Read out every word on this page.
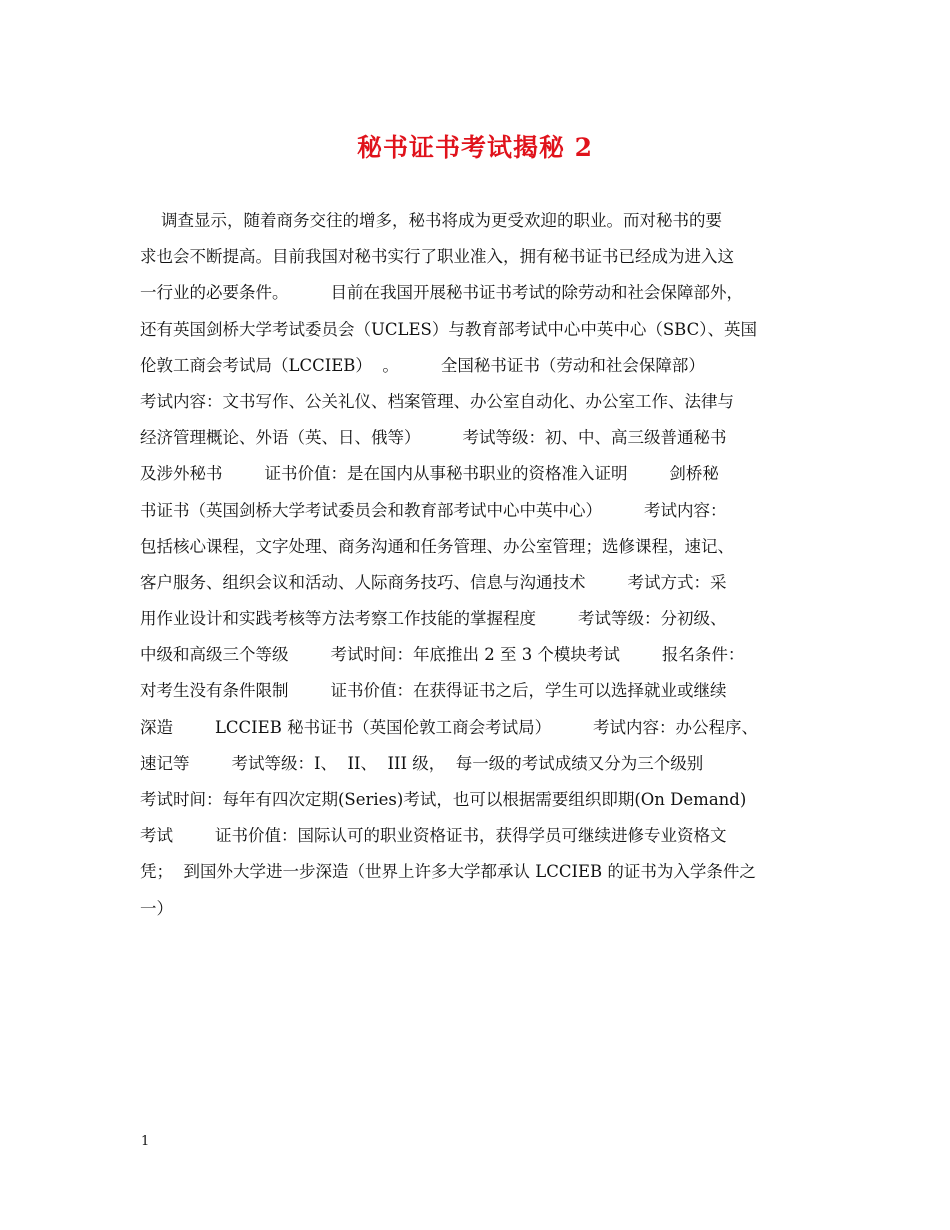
秘书证书考试揭秘 2
调查显示，随着商务交往的增多，秘书将成为更受欢迎的职业。而对秘书的要
求也会不断提高。目前我国对秘书实行了职业准入，拥有秘书证书已经成为进入这
一行业的必要条件。        目前在我国开展秘书证书考试的除劳动和社会保障部外，
还有英国剑桥大学考试委员会（UCLES）与教育部考试中心中英中心（SBC）、英国
伦敦工商会考试局（LCCIEB）  。        全国秘书证书（劳动和社会保障部）
考试内容：文书写作、公关礼仪、档案管理、办公室自动化、办公室工作、法律与
经济管理概论、外语（英、日、俄等）        考试等级：初、中、高三级普通秘书
及涉外秘书        证书价值：是在国内从事秘书职业的资格准入证明        剑桥秘
书证书（英国剑桥大学考试委员会和教育部考试中心中英中心）        考试内容：
包括核心课程，文字处理、商务沟通和任务管理、办公室管理；选修课程，速记、
客户服务、组织会议和活动、人际商务技巧、信息与沟通技术        考试方式：采
用作业设计和实践考核等方法考察工作技能的掌握程度        考试等级：分初级、
中级和高级三个等级        考试时间：年底推出 2 至 3 个模块考试        报名条件：
对考生没有条件限制        证书价值：在获得证书之后，学生可以选择就业或继续
深造        LCCIEB 秘书证书（英国伦敦工商会考试局）        考试内容：办公程序、
速记等        考试等级：I、  II、  III 级，  每一级的考试成绩又分为三个级别
考试时间：每年有四次定期(Series)考试，也可以根据需要组织即期(On Demand)
考试        证书价值：国际认可的职业资格证书，获得学员可继续进修专业资格文
凭；  到国外大学进一步深造（世界上许多大学都承认 LCCIEB 的证书为入学条件之
一）
1
